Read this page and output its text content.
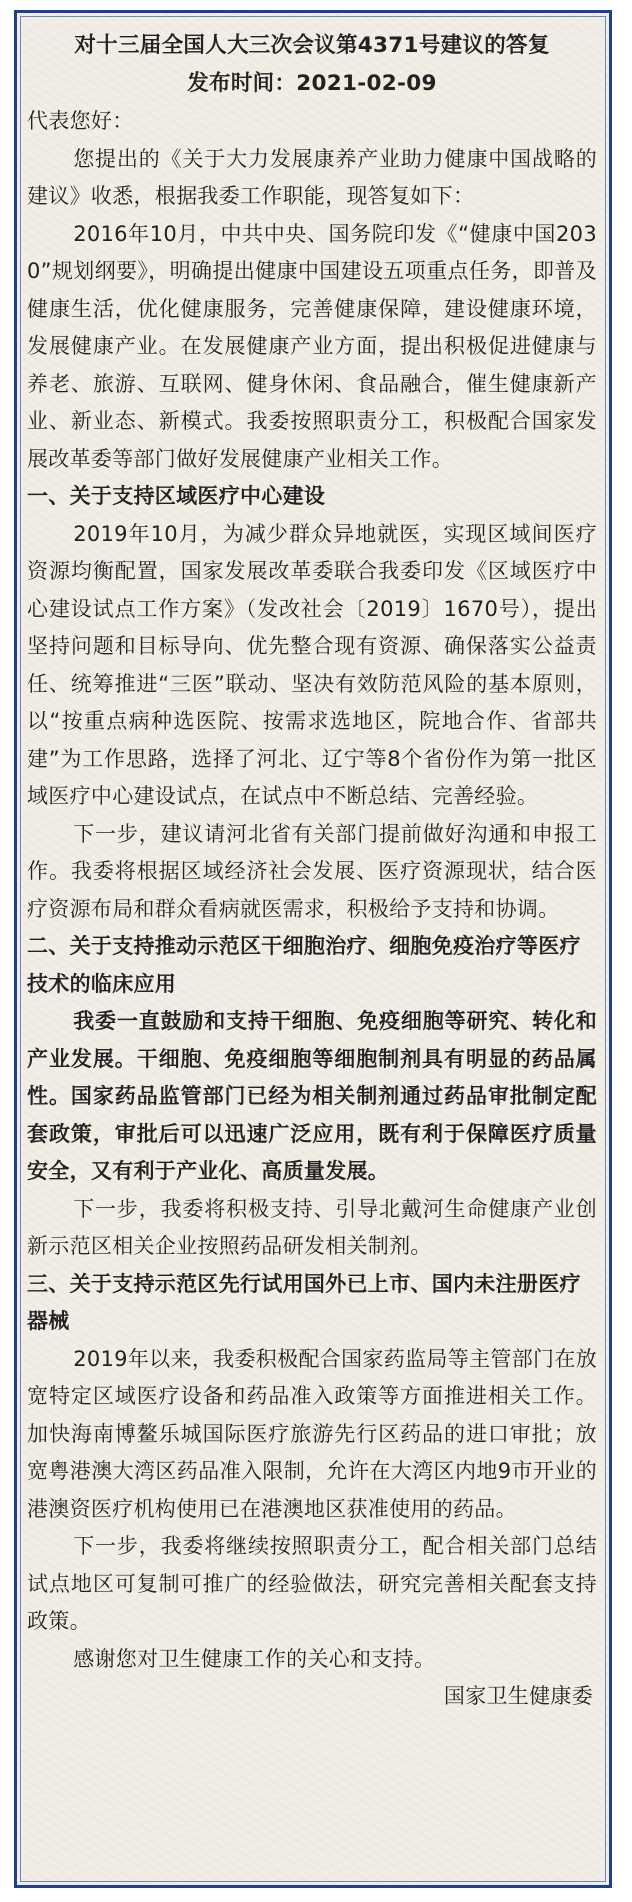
对十三届全国人大三次会议第4371号建议的答复

发布时间：2021-02-09

代表您好：

您提出的《关于大力发展康养产业助力健康中国战略的建议》收悉，根据我委工作职能，现答复如下：

2016年10月，中共中央、国务院印发《“健康中国2030”规划纲要》，明确提出健康中国建设五项重点任务，即普及健康生活，优化健康服务，完善健康保障，建设健康环境，发展健康产业。在发展健康产业方面，提出积极促进健康与养老、旅游、互联网、健身休闲、食品融合，催生健康新产业、新业态、新模式。我委按照职责分工，积极配合国家发展改革委等部门做好发展健康产业相关工作。

一、关于支持区域医疗中心建设

2019年10月，为减少群众异地就医，实现区域间医疗资源均衡配置，国家发展改革委联合我委印发《区域医疗中心建设试点工作方案》（发改社会〔2019〕1670号），提出坚持问题和目标导向、优先整合现有资源、确保落实公益责任、统筹推进“三医”联动、坚决有效防范风险的基本原则，以“按重点病种选医院、按需求选地区，院地合作、省部共建”为工作思路，选择了河北、辽宁等8个省份作为第一批区域医疗中心建设试点，在试点中不断总结、完善经验。

下一步，建议请河北省有关部门提前做好沟通和申报工作。我委将根据区域经济社会发展、医疗资源现状，结合医疗资源布局和群众看病就医需求，积极给予支持和协调。

二、关于支持推动示范区干细胞治疗、细胞免疫治疗等医疗技术的临床应用

我委一直鼓励和支持干细胞、免疫细胞等研究、转化和产业发展。干细胞、免疫细胞等细胞制剂具有明显的药品属性。国家药品监管部门已经为相关制剂通过药品审批制定配套政策，审批后可以迅速广泛应用，既有利于保障医疗质量安全，又有利于产业化、高质量发展。

下一步，我委将积极支持、引导北戴河生命健康产业创新示范区相关企业按照药品研发相关制剂。

三、关于支持示范区先行试用国外已上市、国内未注册医疗器械

2019年以来，我委积极配合国家药监局等主管部门在放宽特定区域医疗设备和药品准入政策等方面推进相关工作。加快海南博鳌乐城国际医疗旅游先行区药品的进口审批；放宽粤港澳大湾区药品准入限制，允许在大湾区内地9市开业的港澳资医疗机构使用已在港澳地区获准使用的药品。

下一步，我委将继续按照职责分工，配合相关部门总结试点地区可复制可推广的经验做法，研究完善相关配套支持政策。

感谢您对卫生健康工作的关心和支持。

国家卫生健康委
